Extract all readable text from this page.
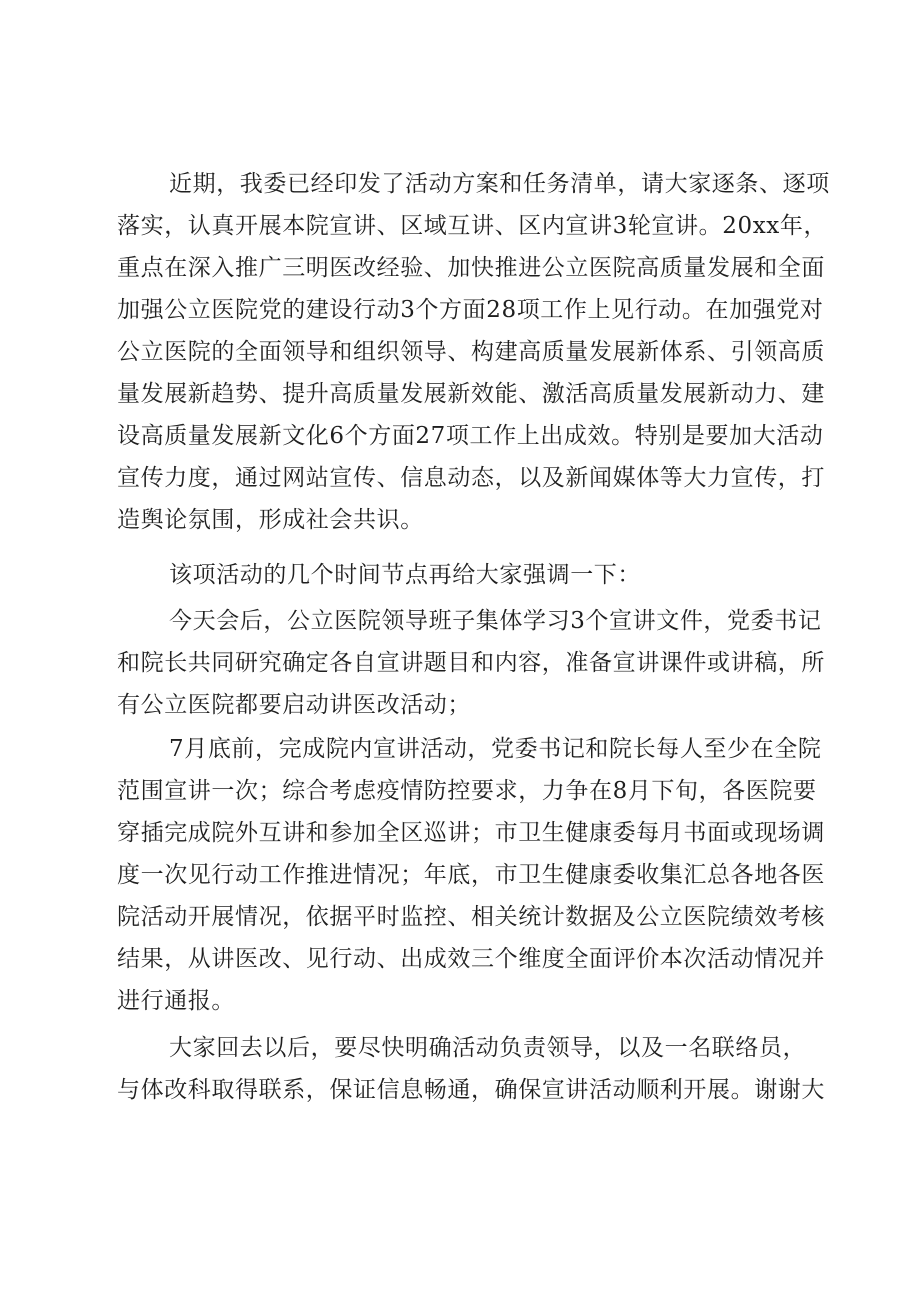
近期，我委已经印发了活动方案和任务清单，请大家逐条、逐项
落实，认真开展本院宣讲、区域互讲、区内宣讲3轮宣讲。20xx年，
重点在深入推广三明医改经验、加快推进公立医院高质量发展和全面
加强公立医院党的建设行动3个方面28项工作上见行动。在加强党对
公立医院的全面领导和组织领导、构建高质量发展新体系、引领高质
量发展新趋势、提升高质量发展新效能、激活高质量发展新动力、建
设高质量发展新文化6个方面27项工作上出成效。特别是要加大活动
宣传力度，通过网站宣传、信息动态，以及新闻媒体等大力宣传，打
造舆论氛围，形成社会共识。
该项活动的几个时间节点再给大家强调一下：
今天会后，公立医院领导班子集体学习3个宣讲文件，党委书记
和院长共同研究确定各自宣讲题目和内容，准备宣讲课件或讲稿，所
有公立医院都要启动讲医改活动；
7月底前，完成院内宣讲活动，党委书记和院长每人至少在全院
范围宣讲一次；综合考虑疫情防控要求，力争在8月下旬，各医院要
穿插完成院外互讲和参加全区巡讲；市卫生健康委每月书面或现场调
度一次见行动工作推进情况；年底，市卫生健康委收集汇总各地各医
院活动开展情况，依据平时监控、相关统计数据及公立医院绩效考核
结果，从讲医改、见行动、出成效三个维度全面评价本次活动情况并
进行通报。
大家回去以后，要尽快明确活动负责领导，以及一名联络员，
与体改科取得联系，保证信息畅通，确保宣讲活动顺利开展。谢谢大
